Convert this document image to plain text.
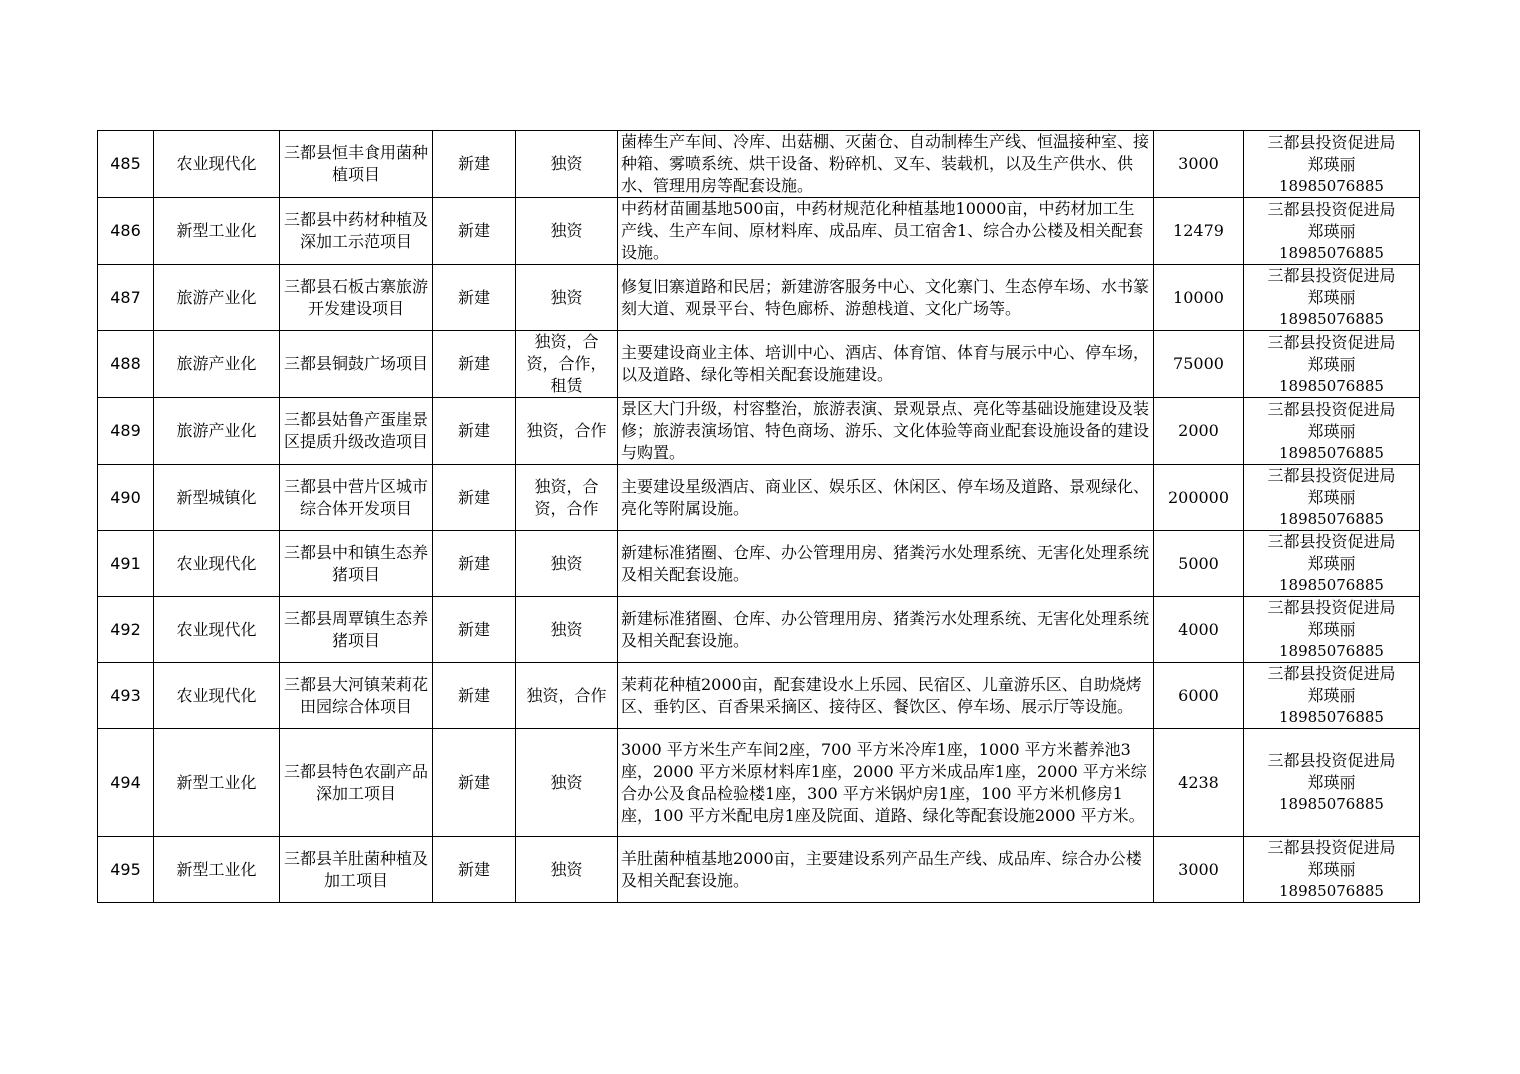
485	农业现代化	三都县恒丰食用菌种植项目	新建	独资	菌棒生产车间、冷库、出菇棚、灭菌仓、自动制棒生产线、恒温接种室、接种箱、雾喷系统、烘干设备、粉碎机、叉车、装载机，以及生产供水、供水、管理用房等配套设施。	3000	三都县投资促进局
郑瑛丽
18985076885

486	新型工业化	三都县中药材种植及深加工示范项目	新建	独资	中药材苗圃基地500亩，中药材规范化种植基地10000亩，中药材加工生产线、生产车间、原材料库、成品库、员工宿舍1、综合办公楼及相关配套设施。	12479	三都县投资促进局
郑瑛丽
18985076885

487	旅游产业化	三都县石板古寨旅游开发建设项目	新建	独资	修复旧寨道路和民居；新建游客服务中心、文化寨门、生态停车场、水书篆刻大道、观景平台、特色廊桥、游憩栈道、文化广场等。	10000	三都县投资促进局
郑瑛丽
18985076885

488	旅游产业化	三都县铜鼓广场项目	新建	独资，合资，合作，租赁	主要建设商业主体、培训中心、酒店、体育馆、体育与展示中心、停车场，以及道路、绿化等相关配套设施建设。	75000	三都县投资促进局
郑瑛丽
18985076885

489	旅游产业化	三都县姑鲁产蛋崖景区提质升级改造项目	新建	独资，合作	景区大门升级，村容整治，旅游表演、景观景点、亮化等基础设施建设及装修；旅游表演场馆、特色商场、游乐、文化体验等商业配套设施设备的建设与购置。	2000	三都县投资促进局
郑瑛丽
18985076885

490	新型城镇化	三都县中营片区城市综合体开发项目	新建	独资，合资，合作	主要建设星级酒店、商业区、娱乐区、休闲区、停车场及道路、景观绿化、亮化等附属设施。	200000	三都县投资促进局
郑瑛丽
18985076885

491	农业现代化	三都县中和镇生态养猪项目	新建	独资	新建标准猪圈、仓库、办公管理用房、猪粪污水处理系统、无害化处理系统及相关配套设施。	5000	三都县投资促进局
郑瑛丽
18985076885

492	农业现代化	三都县周覃镇生态养猪项目	新建	独资	新建标准猪圈、仓库、办公管理用房、猪粪污水处理系统、无害化处理系统及相关配套设施。	4000	三都县投资促进局
郑瑛丽
18985076885

493	农业现代化	三都县大河镇茉莉花田园综合体项目	新建	独资，合作	茉莉花种植2000亩，配套建设水上乐园、民宿区、儿童游乐区、自助烧烤区、垂钓区、百香果采摘区、接待区、餐饮区、停车场、展示厅等设施。	6000	三都县投资促进局
郑瑛丽
18985076885

494	新型工业化	三都县特色农副产品深加工项目	新建	独资	3000 平方米生产车间2座，700 平方米冷库1座，1000 平方米蓄养池3座，2000 平方米原材料库1座，2000 平方米成品库1座，2000 平方米综合办公及食品检验楼1座，300 平方米锅炉房1座，100 平方米机修房1座，100 平方米配电房1座及院面、道路、绿化等配套设施2000 平方米。	4238	三都县投资促进局
郑瑛丽
18985076885

495	新型工业化	三都县羊肚菌种植及加工项目	新建	独资	羊肚菌种植基地2000亩，主要建设系列产品生产线、成品库、综合办公楼及相关配套设施。	3000	三都县投资促进局
郑瑛丽
18985076885
